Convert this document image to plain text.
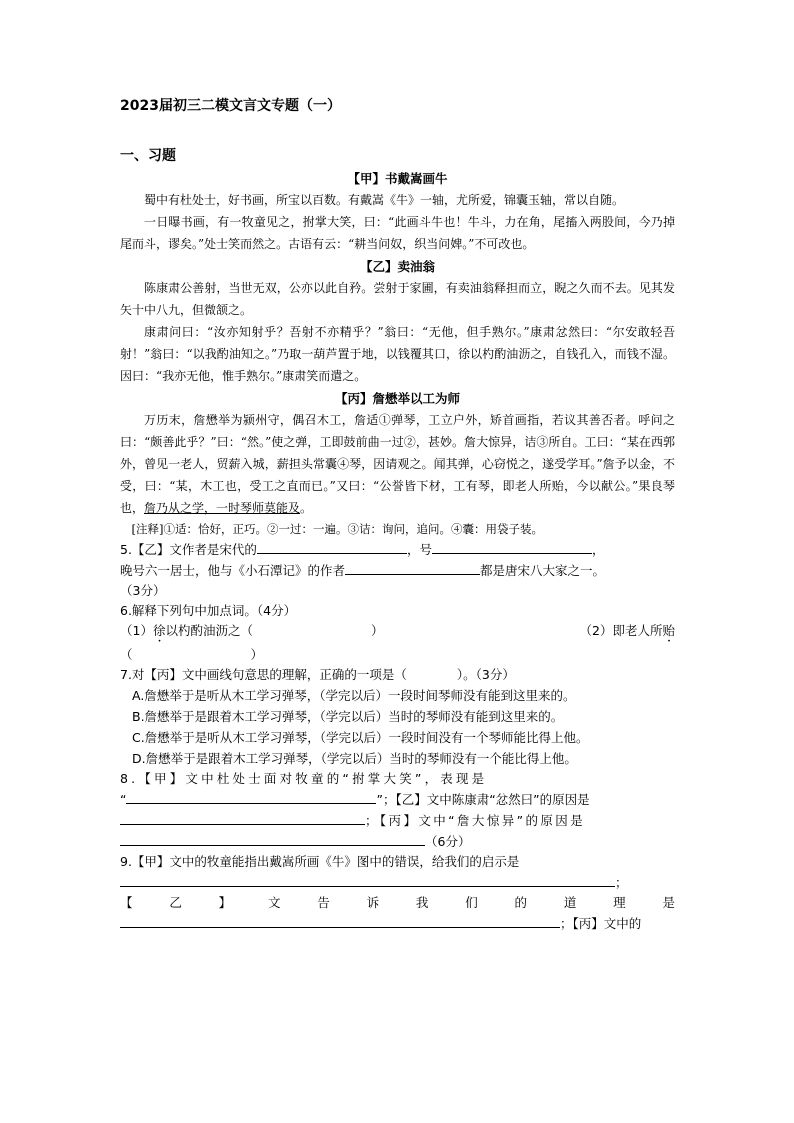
2023届初三二模文言文专题（一）

一、习题

【甲】书戴嵩画牛

蜀中有杜处士，好书画，所宝以百数。有戴嵩《牛》一轴，尤所爱，锦囊玉轴，常以自随。

一日曝书画，有一牧童见之，拊掌大笑，曰：“此画斗牛也！牛斗，力在角，尾搐入两股间，今乃掉尾而斗，谬矣。”处士笑而然之。古语有云：“耕当问奴，织当问婢。”不可改也。

【乙】卖油翁

陈康肃公善射，当世无双，公亦以此自矜。尝射于家圃，有卖油翁释担而立，睨之久而不去。见其发矢十中八九，但微颔之。

康肃问曰：“汝亦知射乎？吾射不亦精乎？”翁曰：“无他，但手熟尔。”康肃忿然曰：“尔安敢轻吾射！”翁曰：“以我酌油知之。”乃取一葫芦置于地，以钱覆其口，徐以杓酌油沥之，自钱孔入，而钱不湿。因曰：“我亦无他，惟手熟尔。”康肃笑而遣之。

【丙】詹懋举以工为师

万历末，詹懋举为颍州守，偶召木工，詹适①弹琴，工立户外，矫首画指，若议其善否者。呼问之曰：“颇善此乎？”曰：“然。”使之弹，工即鼓前曲一过②，甚妙。詹大惊异，诘③所自。工曰：“某在西郭外，曾见一老人，贸薪入城，薪担头常囊④琴，因请观之。闻其弹，心窃悦之，遂受学耳。”詹予以金，不受，曰：“某，木工也，受工之直而已。”又曰：“公誉皆下材，工有琴，即老人所贻，今以献公。”果良琴也，詹乃从之学，一时琴师莫能及。

[注释]①适：恰好，正巧。②一过：一遍。③诘：询问，追问。④囊：用袋子装。

5.【乙】文作者是宋代的	，号	，
晚号六一居士，他与《小石潭记》的作者	都是唐宋八大家之一。
（3分）

6.解释下列句中加点词。（4分）

（1）徐以杓酌油沥之（	）	（2）即老人所贻

（	）

7.对【丙】文中画线句意思的理解，正确的一项是（　　　　）。（3分）

A.詹懋举于是听从木工学习弹琴，（学完以后）一段时间琴师没有能到这里来的。

B.詹懋举于是跟着木工学习弹琴，（学完以后）当时的琴师没有能到这里来的。

C.詹懋举于是听从木工学习弹琴，（学完以后）一段时间没有一个琴师能比得上他。

D.詹懋举于是跟着木工学习弹琴，（学完以后）当时的琴师没有一个能比得上他。

8.【甲】文中杜处士面对牧童的“拊掌大笑”，表现是

“	”；【乙】文中陈康肃“忿然曰”的原因是

；【丙】文中“詹大惊异”的原因是

（6分）

9.【甲】文中的牧童能指出戴嵩所画《牛》图中的错误，给我们的启示是

；

【	乙	】	文	告	诉	我	们	的	道	理	是

；【丙】文中的
